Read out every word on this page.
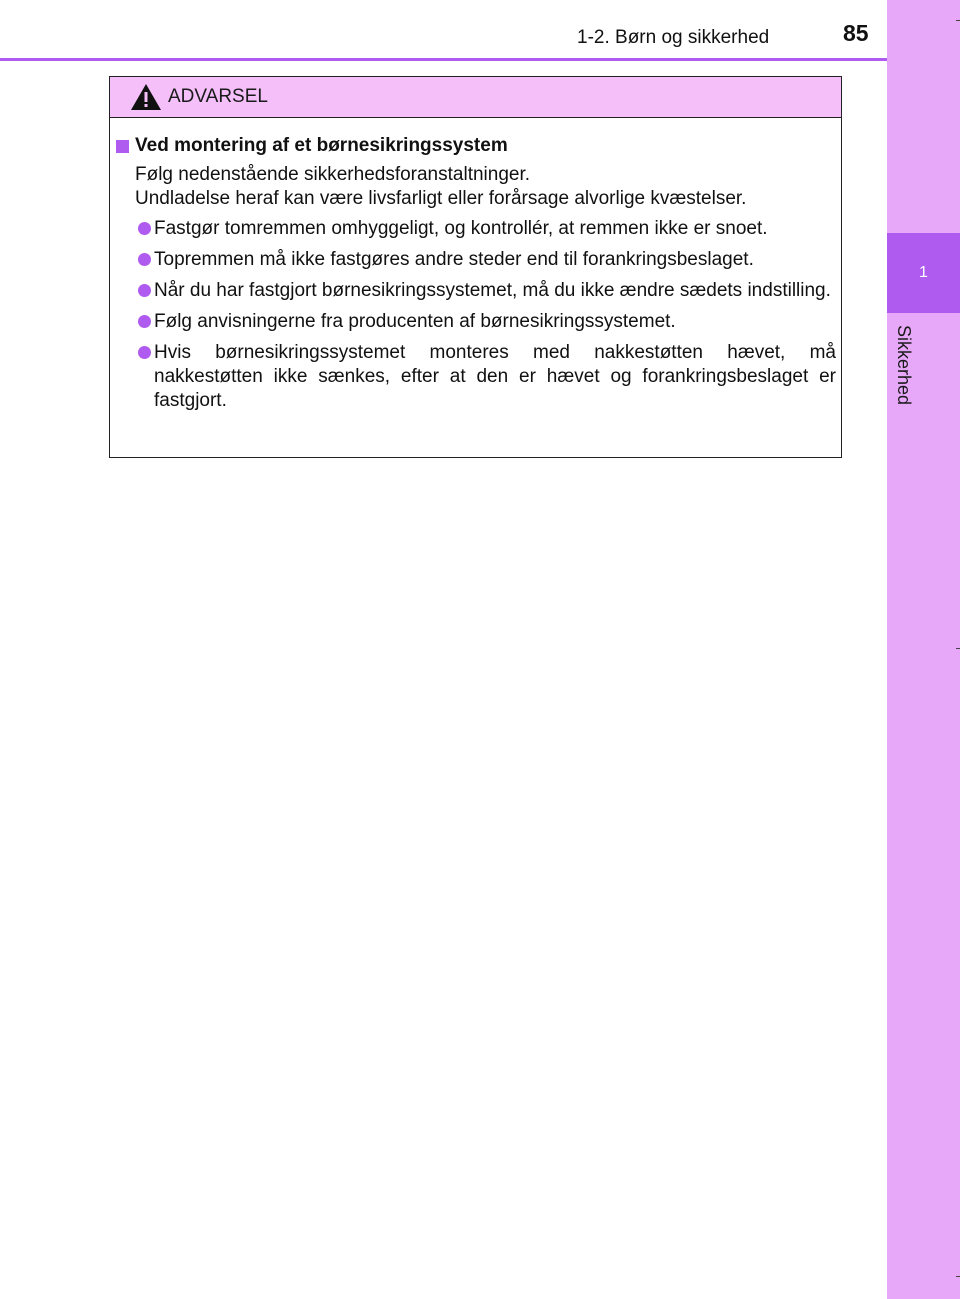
1
Sikkerhed
1-2. Børn og sikkerhed	85
ADVARSEL
Ved montering af et børnesikringssystem
Følg nedenstående sikkerhedsforanstaltninger.
Undladelse heraf kan være livsfarligt eller forårsage alvorlige kvæstelser.
Fastgør tomremmen omhyggeligt, og kontrollér, at remmen ikke er snoet.
Topremmen må ikke fastgøres andre steder end til forankringsbeslaget.
Når du har fastgjort børnesikringssystemet, må du ikke ændre sædets indstilling.
Følg anvisningerne fra producenten af børnesikringssystemet.
Hvis børnesikringssystemet monteres med nakkestøtten hævet, må nakkestøtten ikke sænkes, efter at den er hævet og forankringsbeslaget er fastgjort.
